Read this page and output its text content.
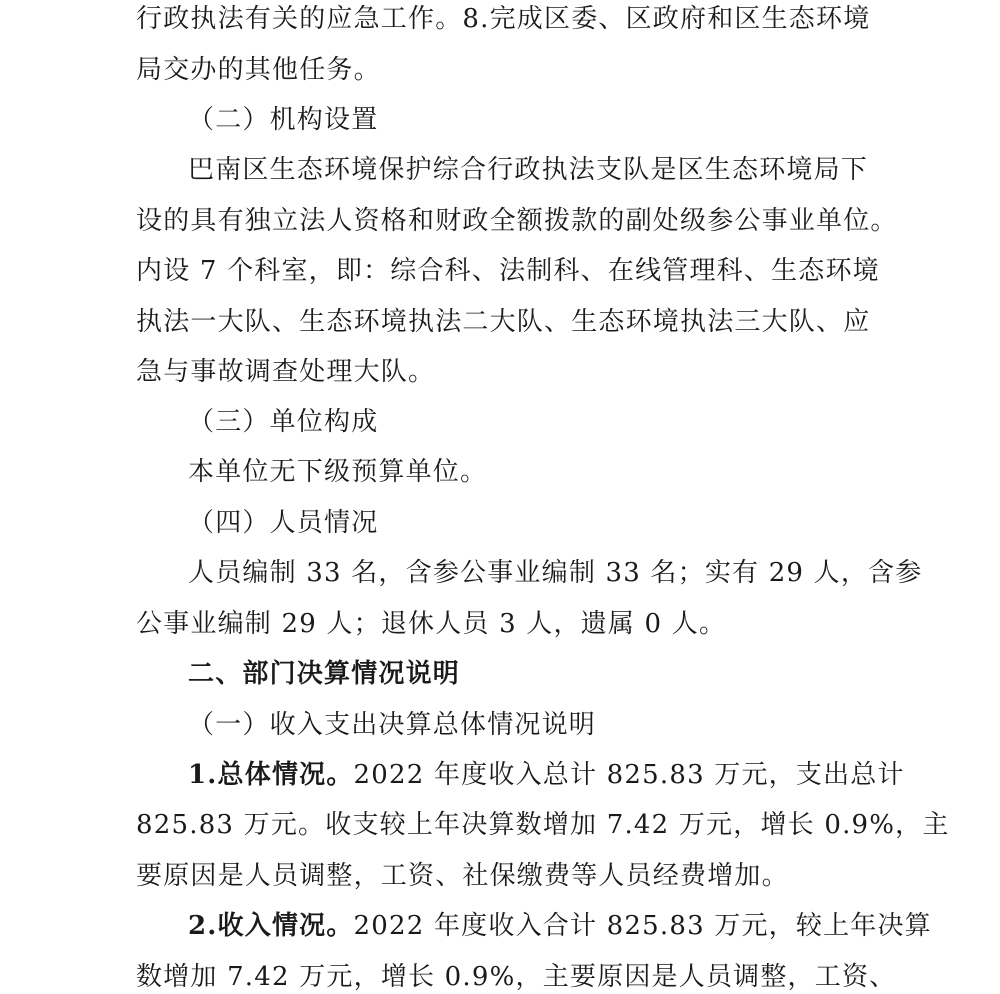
行政执法有关的应急工作。8.完成区委、区政府和区生态环境
局交办的其他任务。
（二）机构设置
巴南区生态环境保护综合行政执法支队是区生态环境局下
设的具有独立法人资格和财政全额拨款的副处级参公事业单位。
内设 7 个科室，即：综合科、法制科、在线管理科、生态环境
执法一大队、生态环境执法二大队、生态环境执法三大队、应
急与事故调查处理大队。
（三）单位构成
本单位无下级预算单位。
（四）人员情况
人员编制 33 名，含参公事业编制 33 名；实有 29 人，含参
公事业编制 29 人；退休人员 3 人，遗属 0 人。
二、部门决算情况说明
（一）收入支出决算总体情况说明
1.总体情况。2022 年度收入总计 825.83 万元，支出总计
825.83 万元。收支较上年决算数增加 7.42 万元，增长 0.9%，主
要原因是人员调整，工资、社保缴费等人员经费增加。
2.收入情况。2022 年度收入合计 825.83 万元，较上年决算
数增加 7.42 万元，增长 0.9%，主要原因是人员调整，工资、
